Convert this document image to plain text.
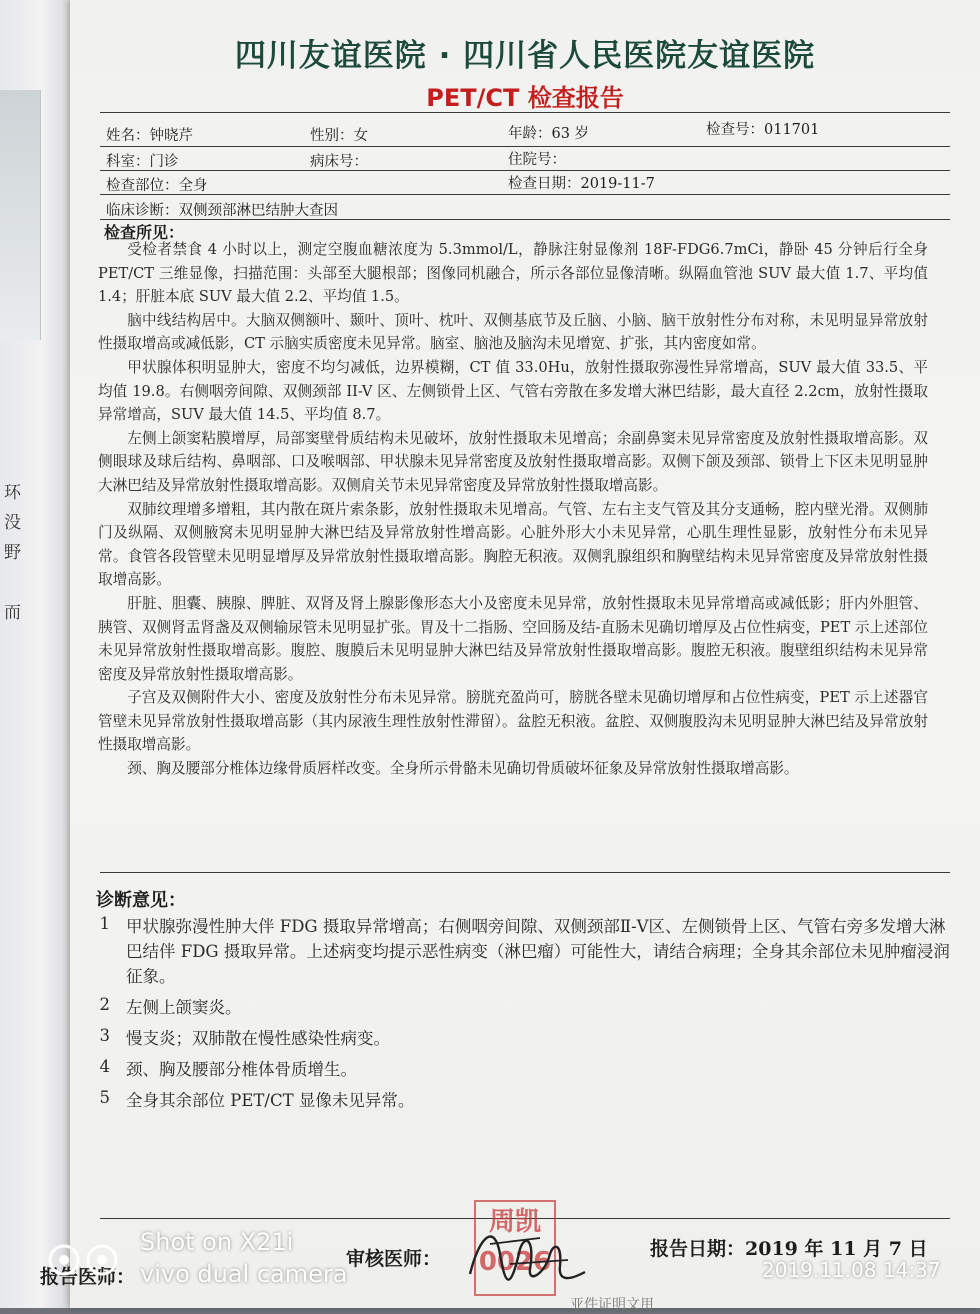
环
没
野
而
四川友谊医院 · 四川省人民医院友谊医院
PET/CT 检查报告
姓名：钟晓芹	性别：女	年龄：63 岁	检查号：011701
科室：门诊	病床号：	住院号：
检查部位：全身	检查日期：2019-11-7
临床诊断：双侧颈部淋巴结肿大查因
检查所见：

受检者禁食 4 小时以上，测定空腹血糖浓度为 5.3mmol/L，静脉注射显像剂 18F-FDG6.7mCi，静卧 45 分钟后行全身 PET/CT 三维显像，扫描范围：头部至大腿根部；图像同机融合，所示各部位显像清晰。纵隔血管池 SUV 最大值 1.7、平均值 1.4；肝脏本底 SUV 最大值 2.2、平均值 1.5。

脑中线结构居中。大脑双侧额叶、颞叶、顶叶、枕叶、双侧基底节及丘脑、小脑、脑干放射性分布对称，未见明显异常放射性摄取增高或减低影，CT 示脑实质密度未见异常。脑室、脑池及脑沟未见增宽、扩张，其内密度如常。

甲状腺体积明显肿大，密度不均匀减低，边界模糊，CT 值 33.0Hu，放射性摄取弥漫性异常增高，SUV 最大值 33.5、平均值 19.8。右侧咽旁间隙、双侧颈部 II-V 区、左侧锁骨上区、气管右旁散在多发增大淋巴结影，最大直径 2.2cm，放射性摄取异常增高，SUV 最大值 14.5、平均值 8.7。

左侧上颌窦粘膜增厚，局部窦壁骨质结构未见破坏，放射性摄取未见增高；余副鼻窦未见异常密度及放射性摄取增高影。双侧眼球及球后结构、鼻咽部、口及喉咽部、甲状腺未见异常密度及放射性摄取增高影。双侧下颌及颈部、锁骨上下区未见明显肿大淋巴结及异常放射性摄取增高影。双侧肩关节未见异常密度及异常放射性摄取增高影。

双肺纹理增多增粗，其内散在斑片索条影，放射性摄取未见增高。气管、左右主支气管及其分支通畅，腔内壁光滑。双侧肺门及纵隔、双侧腋窝未见明显肿大淋巴结及异常放射性增高影。心脏外形大小未见异常，心肌生理性显影，放射性分布未见异常。食管各段管壁未见明显增厚及异常放射性摄取增高影。胸腔无积液。双侧乳腺组织和胸壁结构未见异常密度及异常放射性摄取增高影。

肝脏、胆囊、胰腺、脾脏、双肾及肾上腺影像形态大小及密度未见异常，放射性摄取未见异常增高或减低影；肝内外胆管、胰管、双侧肾盂肾盏及双侧输尿管未见明显扩张。胃及十二指肠、空回肠及结-直肠未见确切增厚及占位性病变，PET 示上述部位未见异常放射性摄取增高影。腹腔、腹膜后未见明显肿大淋巴结及异常放射性摄取增高影。腹腔无积液。腹壁组织结构未见异常密度及异常放射性摄取增高影。

子宫及双侧附件大小、密度及放射性分布未见异常。膀胱充盈尚可，膀胱各壁未见确切增厚和占位性病变，PET 示上述器官管壁未见异常放射性摄取增高影（其内尿液生理性放射性滞留）。盆腔无积液。盆腔、双侧腹股沟未见明显肿大淋巴结及异常放射性摄取增高影。

颈、胸及腰部分椎体边缘骨质唇样改变。全身所示骨骼未见确切骨质破坏征象及异常放射性摄取增高影。

诊断意见：
1 甲状腺弥漫性肿大伴 FDG 摄取异常增高；右侧咽旁间隙、双侧颈部Ⅱ-Ⅴ区、左侧锁骨上区、气管右旁多发增大淋巴结伴 FDG 摄取异常。上述病变均提示恶性病变（淋巴瘤）可能性大，请结合病理；全身其余部位未见肿瘤浸润征象。
2 左侧上颌窦炎。
3 慢支炎；双肺散在慢性感染性病变。
4 颈、胸及腰部分椎体骨质增生。
5 全身其余部位 PET/CT 显像未见异常。
报告医师：
审核医师：
周凯 0026	报告日期：2019 年 11 月 7 日
亚件证明文用
Shot on X21i
vivo dual camera	2019.11.08 14:37
